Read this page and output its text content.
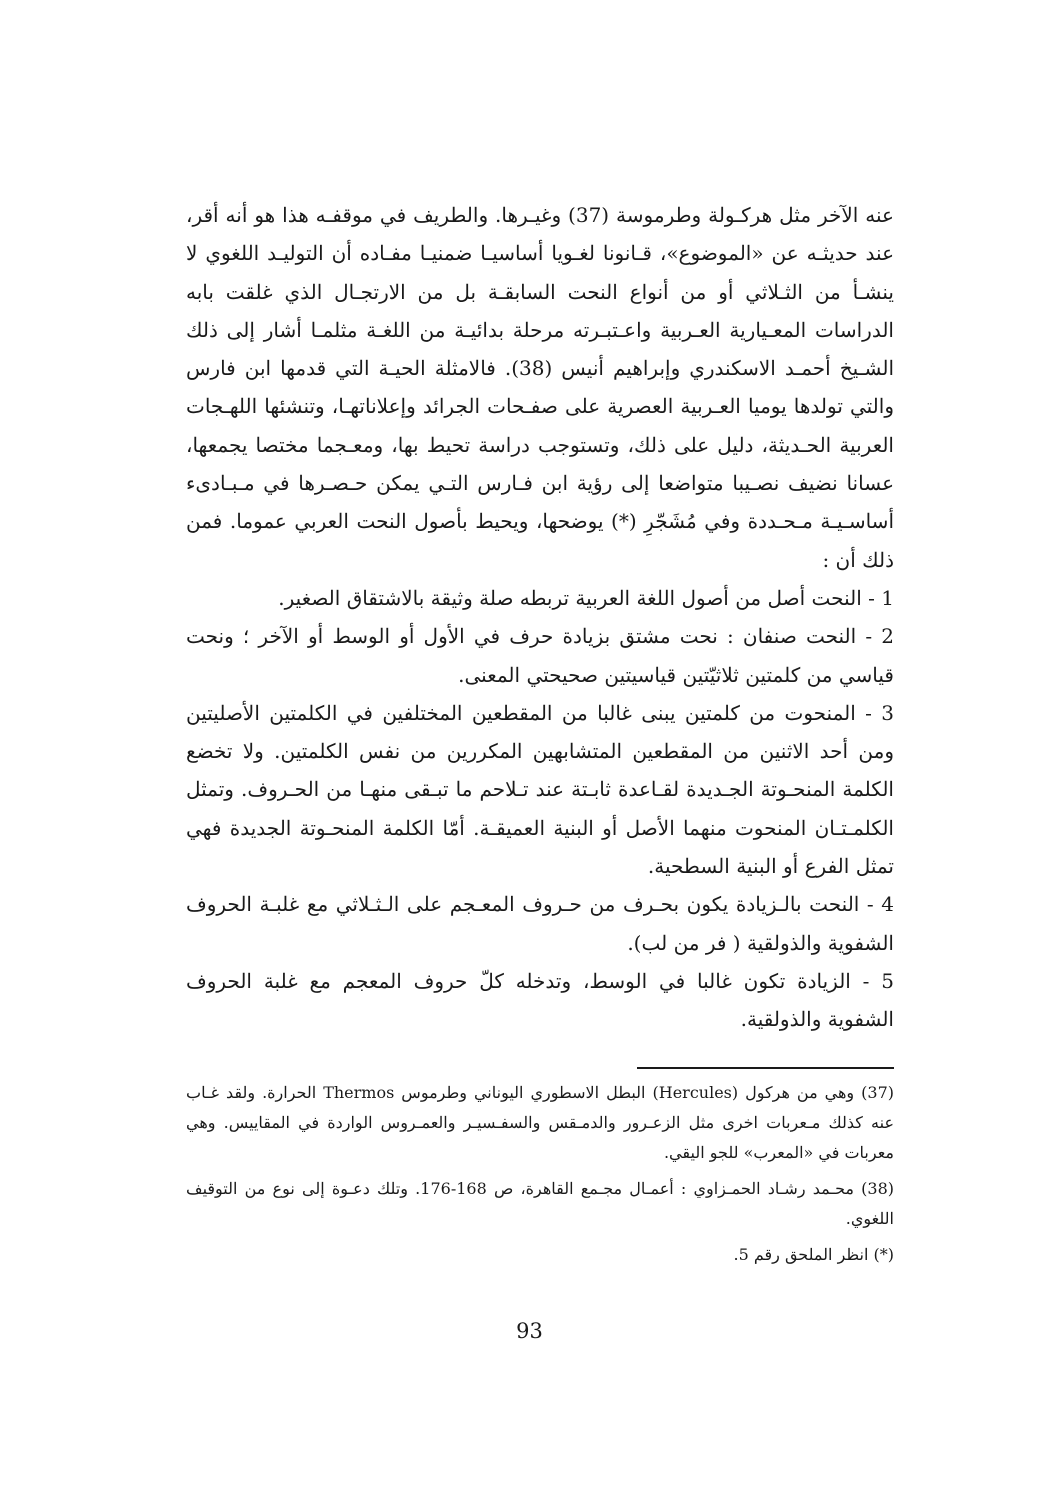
عنه الآخر مثل هركـولة وطرموسة (37) وغيـرها. والطريف في موقفـه هذا هو أنه أقر، عند حديثـه عن «الموضوع»، قـانونا لغـويا أساسيـا ضمنيـا مفـاده أن التوليـد اللغوي لا ينشـأ من الثـلاثي أو من أنواع النحت السابقـة بل من الارتجـال الذي غلقت بابه الدراسات المعـيارية العـربية واعـتبـرته مرحلة بدائيـة من اللغـة مثلمـا أشار إلى ذلك الشـيخ أحمـد الاسكندري وإبراهيم أنيس (38). فالامثلة الحيـة التي قدمها ابن فارس والتي تولدها يوميا العـربية العصرية على صفـحات الجرائد وإعلاناتهـا، وتنشئها اللهـجات العربية الحـديثة، دليل على ذلك، وتستوجب دراسة تحيط بها، ومعـجما مختصا يجمعها، عسانا نضيف نصـيبا متواضعا إلى رؤية ابن فـارس التـي يمكن حـصـرها في مـبـادىء أساسـيـة مـحـددة وفي مُشَجّرِ (*) يوضحها، ويحيط بأصول النحت العربي عموما. فمن ذلك أن :

1 - النحت أصل من أصول اللغة العربية تربطه صلة وثيقة بالاشتقاق الصغير.

2 - النحت صنفان : نحت مشتق بزيادة حرف في الأول أو الوسط أو الآخر ؛ ونحت قياسي من كلمتين ثلاثيّتين قياسيتين صحيحتي المعنى.

3 - المنحوت من كلمتين يبنى غالبا من المقطعين المختلفين في الكلمتين الأصليتين ومن أحد الاثنين من المقطعين المتشابهين المكررين من نفس الكلمتين. ولا تخضع الكلمة المنحـوتة الجـديدة لقـاعدة ثابـتة عند تـلاحم ما تبـقى منهـا من الحـروف. وتمثل الكلمـتـان المنحوت منهما الأصل أو البنية العميقـة. أمّا الكلمة المنحـوتة الجديدة فهي تمثل الفرع أو البنية السطحية.

4 - النحت بالـزيادة يكون بحـرف من حـروف المعـجم على الـثـلاثي مع غلبـة الحروف الشفوية والذولقية ( فر من لب).

5 - الزيادة تكون غالبا في الوسط، وتدخله كلّ حروف المعجم مع غلبة الحروف الشفوية والذولقية.

(37) وهي من هركول (Hercules) البطل الاسطوري اليوناني وطرموس Thermos الحرارة. ولقد غـاب عنه كذلك مـعربات اخرى مثل الزعـرور والدمـقس والسفـسيـر والعمـروس الواردة في المقاييس. وهي معربات في «المعرب» للجو اليقي.

(38) محـمد رشـاد الحمـزاوي : أعمـال مجـمع القاهرة، ص 168-176. وتلك دعـوة إلى نوع من التوقيف اللغوي.

(*) انظر الملحق رقم 5.

93
